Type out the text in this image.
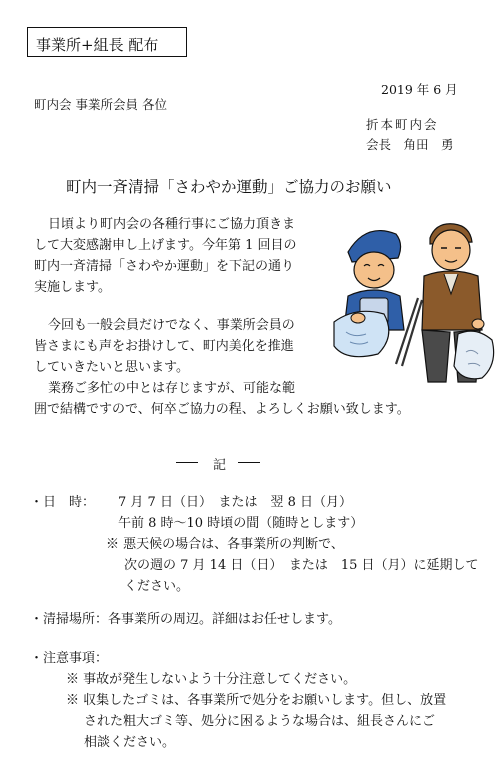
事業所+組長 配布
2019 年 6 月
町内会 事業所会員 各位
折本町内会
会長　角田　勇
町内一斉清掃「さわやか運動」ご協力のお願い
日頃より町内会の各種行事にご協力頂きま
して大変感謝申し上げます。今年第 1 回目の
町内一斉清掃「さわやか運動」を下記の通り
実施します。
今回も一般会員だけでなく、事業所会員の
皆さまにも声をお掛けして、町内美化を推進
していきたいと思います。
業務ご多忙の中とは存じますが、可能な範
囲で結構ですので、何卒ご協力の程、よろしくお願い致します。
記
・日　時： 7 月 7 日（日）　または　翌 8 日（月）
午前 8 時～10 時頃の間（随時とします）
※ 悪天候の場合は、各事業所の判断で、
次の週の 7 月 14 日（日）　または　15 日（月）に延期して
ください。
・清掃場所：各事業所の周辺。詳細はお任せします。
・注意事項：
※ 事故が発生しないよう十分注意してください。
※ 収集したゴミは、各事業所で処分をお願いします。但し、放置
された粗大ゴミ等、処分に困るような場合は、組長さんにご
相談ください。
